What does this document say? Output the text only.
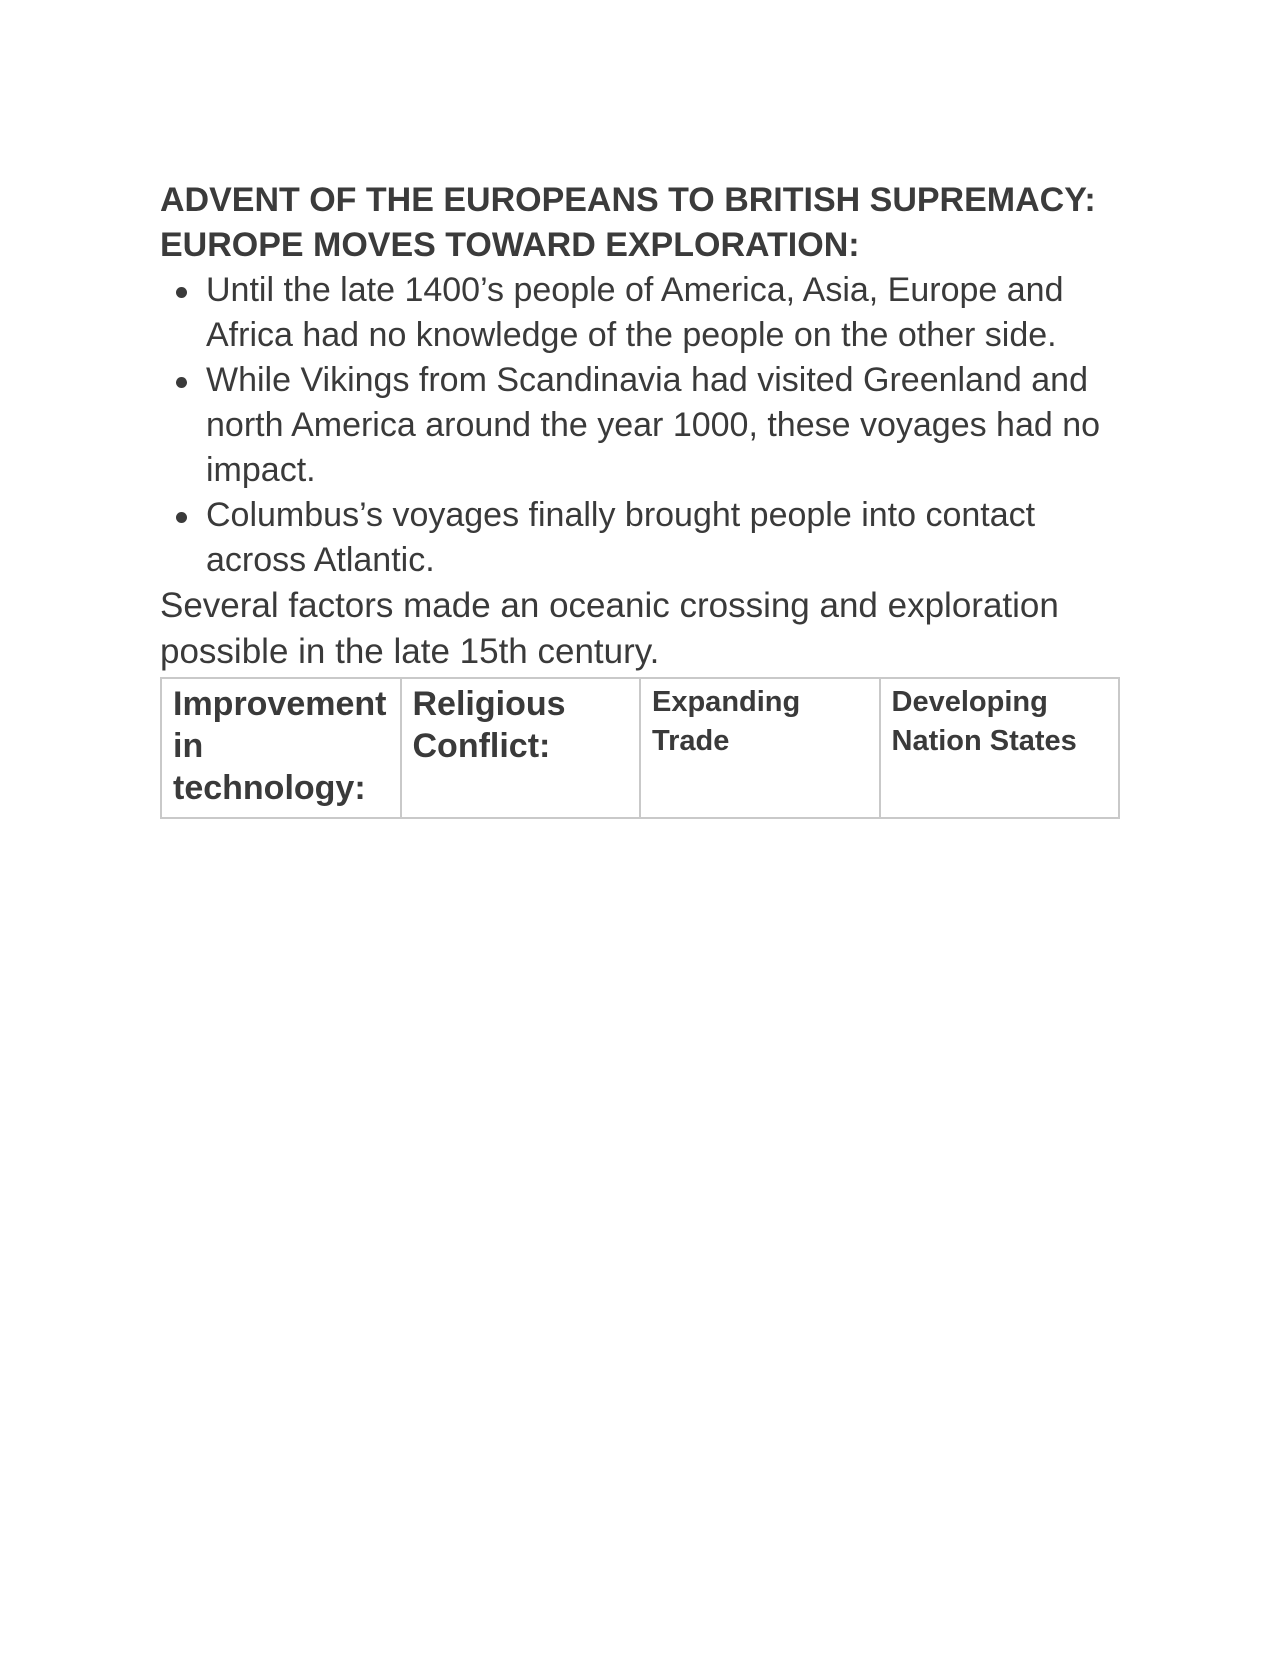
ADVENT OF THE EUROPEANS TO BRITISH SUPREMACY:
EUROPE MOVES TOWARD EXPLORATION:
Until the late 1400’s people of America, Asia, Europe and Africa had no knowledge of the people on the other side.
While Vikings from Scandinavia had visited Greenland and north America around the year 1000, these voyages had no impact.
Columbus’s voyages finally brought people into contact across Atlantic.

Several factors made an oceanic crossing and exploration possible in the late 15th century.

Improvement in technology:	Religious Conflict:	Expanding Trade	Developing Nation States
